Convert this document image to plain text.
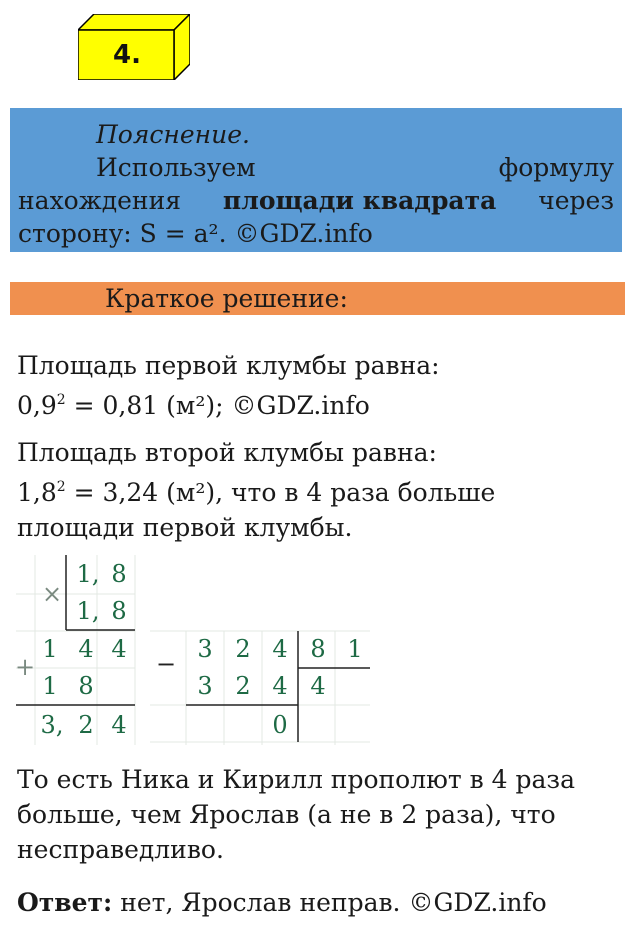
4.
Пояснение.
Используем	формулу
нахождения площади квадрата через
сторону: S = a². ©GDZ.info
Краткое решение:
Площадь первой клумбы равна:
$0,9^2 = 0,81$ (м²); ©GDZ.info
Площадь второй клумбы равна:
$1,8^2 = 3,24$ (м²), что в 4 раза больше
площади первой клумбы.
×
1, 8
1, 8
+
1 4 4
1 8
3, 2 4
−
3 2 4 8 1
3 2 4 4
0
То есть Ника и Кирилл прополют в 4 раза
больше, чем Ярослав (а не в 2 раза), что
несправедливо.
Ответ: нет, Ярослав неправ. ©GDZ.info
